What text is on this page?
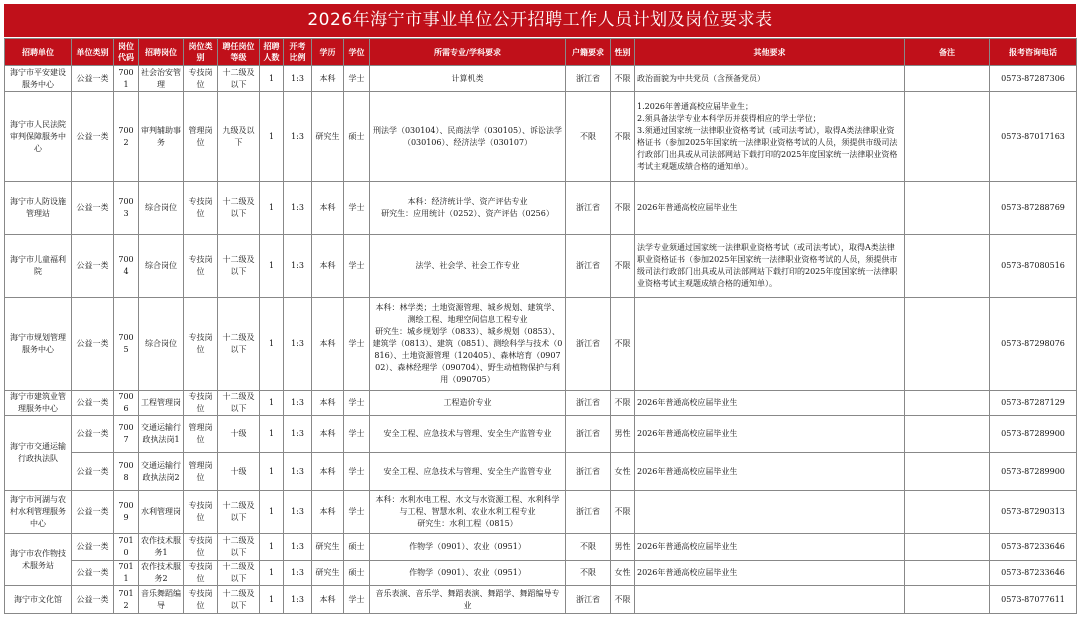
2026年海宁市事业单位公开招聘工作人员计划及岗位要求表
招聘单位	单位类别	岗位代码	招聘岗位	岗位类别	聘任岗位等级	招聘人数	开考比例	学历	学位	所需专业/学科要求	户籍要求	性别	其他要求	备注	报考咨询电话
海宁市平安建设服务中心	公益一类	7001	社会治安管理	专技岗位	十二级及以下	1	1:3	本科	学士	计算机类	浙江省	不限	政治面貌为中共党员（含预备党员）		0573-87287306
海宁市人民法院审判保障服务中心	公益一类	7002	审判辅助事务	管理岗位	九级及以下	1	1:3	研究生	硕士	刑法学（030104）、民商法学（030105）、诉讼法学（030106）、经济法学（030107）	不限	不限	1.2026年普通高校应届毕业生；
2.须具备法学专业本科学历并获得相应的学士学位；
3.须通过国家统一法律职业资格考试（或司法考试），取得A类法律职业资格证书（参加2025年国家统一法律职业资格考试的人员，须提供市级司法行政部门出具或从司法部网站下载打印的2025年度国家统一法律职业资格考试主观题成绩合格的通知单）。		0573-87017163
海宁市人防设施管理站	公益一类	7003	综合岗位	专技岗位	十二级及以下	1	1:3	本科	学士	本科：经济统计学、资产评估专业
研究生：应用统计（0252）、资产评估（0256）	浙江省	不限	2026年普通高校应届毕业生		0573-87288769
海宁市儿童福利院	公益一类	7004	综合岗位	专技岗位	十二级及以下	1	1:3	本科	学士	法学、社会学、社会工作专业	浙江省	不限	法学专业须通过国家统一法律职业资格考试（或司法考试），取得A类法律职业资格证书（参加2025年国家统一法律职业资格考试的人员，须提供市级司法行政部门出具或从司法部网站下载打印的2025年度国家统一法律职业资格考试主观题成绩合格的通知单）。		0573-87080516
海宁市规划管理服务中心	公益一类	7005	综合岗位	专技岗位	十二级及以下	1	1:3	本科	学士	本科：林学类；土地资源管理、城乡规划、建筑学、测绘工程、地理空间信息工程专业
研究生：城乡规划学（0833）、城乡规划（0853）、建筑学（0813）、建筑（0851）、测绘科学与技术（0816）、土地资源管理（120405）、森林培育（090702）、森林经理学（090704）、野生动植物保护与利用（090705）	浙江省	不限			0573-87298076
海宁市建筑业管理服务中心	公益一类	7006	工程管理岗	专技岗位	十二级及以下	1	1:3	本科	学士	工程造价专业	浙江省	不限	2026年普通高校应届毕业生		0573-87287129
海宁市交通运输行政执法队	公益一类	7007	交通运输行政执法岗1	管理岗位	十级	1	1:3	本科	学士	安全工程、应急技术与管理、安全生产监管专业	浙江省	男性	2026年普通高校应届毕业生		0573-87289900
	公益一类	7008	交通运输行政执法岗2	管理岗位	十级	1	1:3	本科	学士	安全工程、应急技术与管理、安全生产监管专业	浙江省	女性	2026年普通高校应届毕业生		0573-87289900
海宁市河湖与农村水利管理服务中心	公益一类	7009	水利管理岗	专技岗位	十二级及以下	1	1:3	本科	学士	本科：水利水电工程、水文与水资源工程、水利科学与工程、智慧水利、农业水利工程专业
研究生：水利工程（0815）	浙江省	不限			0573-87290313
海宁市农作物技术服务站	公益一类	7010	农作技术服务1	专技岗位	十二级及以下	1	1:3	研究生	硕士	作物学（0901）、农业（0951）	不限	男性	2026年普通高校应届毕业生		0573-87233646
	公益一类	7011	农作技术服务2	专技岗位	十二级及以下	1	1:3	研究生	硕士	作物学（0901）、农业（0951）	不限	女性	2026年普通高校应届毕业生		0573-87233646
海宁市文化馆	公益一类	7012	音乐舞蹈编导	专技岗位	十二级及以下	1	1:3	本科	学士	音乐表演、音乐学、舞蹈表演、舞蹈学、舞蹈编导专业	浙江省	不限			0573-87077611
